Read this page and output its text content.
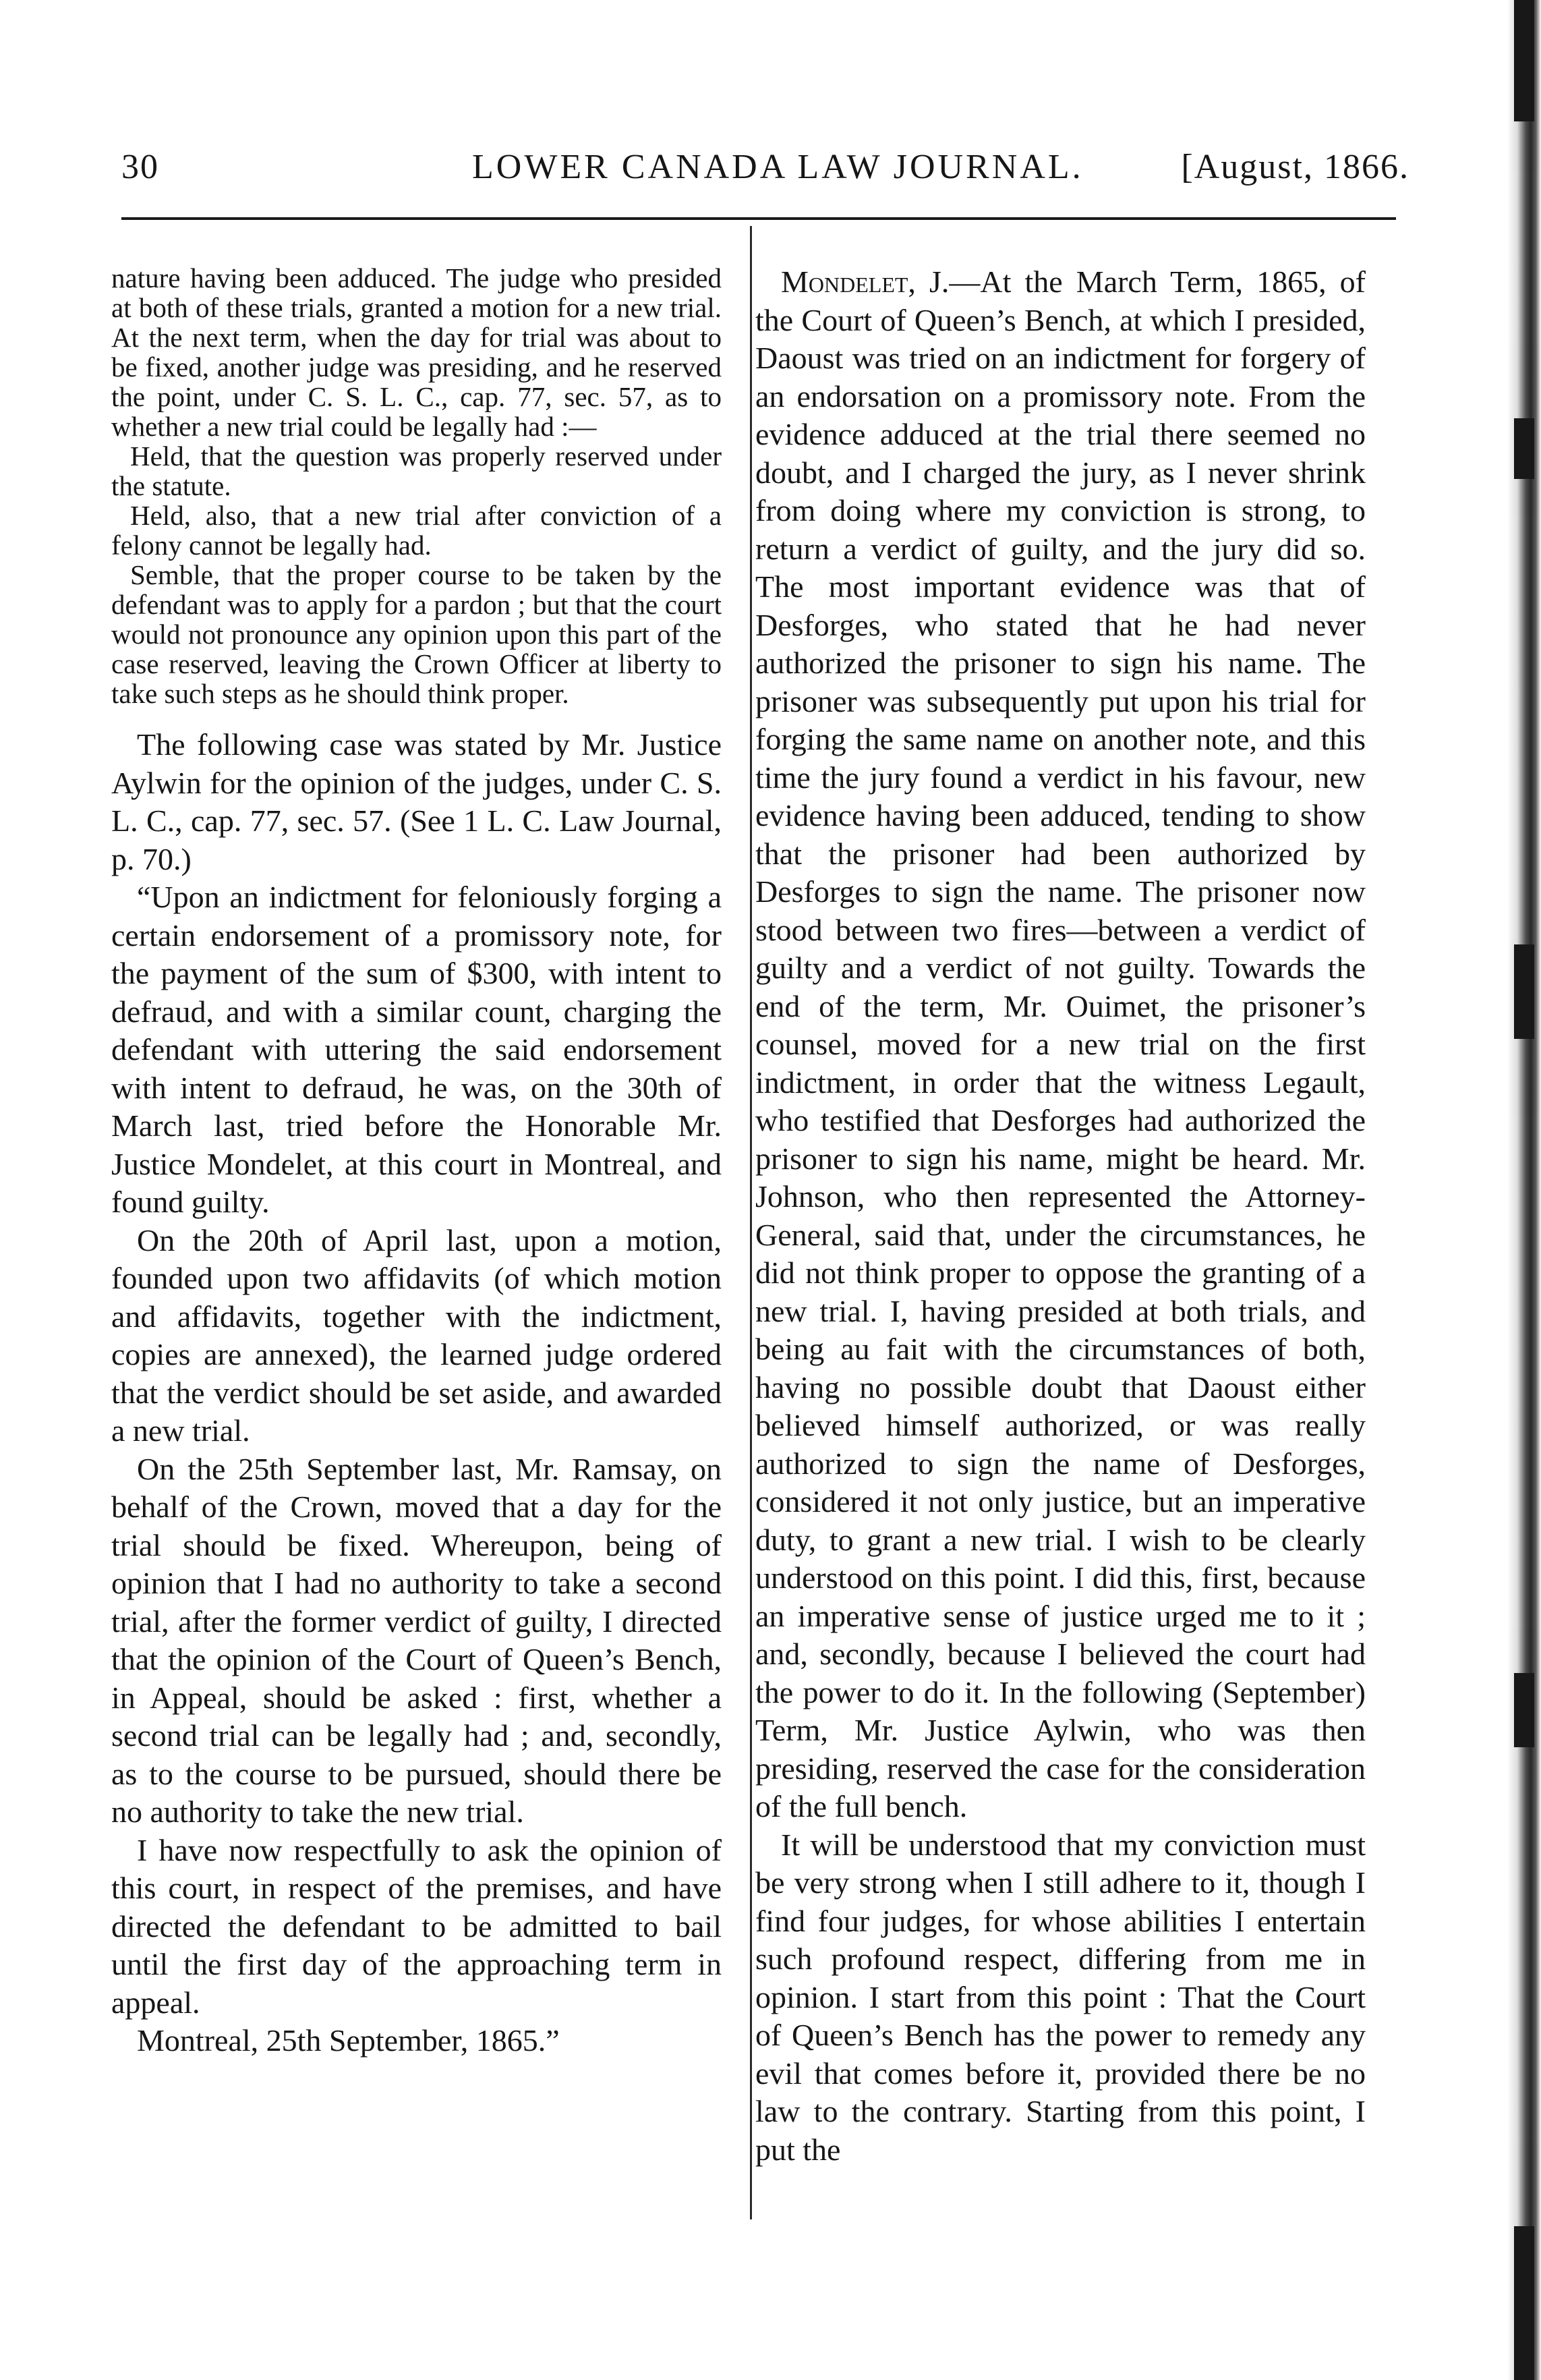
30	LOWER CANADA LAW JOURNAL.	[August, 1866.

nature having been adduced. The judge who presided at both of these trials, granted a motion for a new trial. At the next term, when the day for trial was about to be fixed, another judge was presiding, and he reserved the point, under C. S. L. C., cap. 77, sec. 57, as to whether a new trial could be legally had :—

Held, that the question was properly reserved under the statute.

Held, also, that a new trial after conviction of a felony cannot be legally had.

Semble, that the proper course to be taken by the defendant was to apply for a pardon ; but that the court would not pronounce any opinion upon this part of the case reserved, leaving the Crown Officer at liberty to take such steps as he should think proper.

The following case was stated by Mr. Justice Aylwin for the opinion of the judges, under C. S. L. C., cap. 77, sec. 57. (See 1 L. C. Law Journal, p. 70.)

“Upon an indictment for feloniously forging a certain endorsement of a promissory note, for the payment of the sum of $300, with intent to defraud, and with a similar count, charging the defendant with uttering the said endorsement with intent to defraud, he was, on the 30th of March last, tried before the Honorable Mr. Justice Mondelet, at this court in Montreal, and found guilty.

On the 20th of April last, upon a motion, founded upon two affidavits (of which motion and affidavits, together with the indictment, copies are annexed), the learned judge ordered that the verdict should be set aside, and awarded a new trial.

On the 25th September last, Mr. Ramsay, on behalf of the Crown, moved that a day for the trial should be fixed. Whereupon, being of opinion that I had no authority to take a second trial, after the former verdict of guilty, I directed that the opinion of the Court of Queen’s Bench, in Appeal, should be asked : first, whether a second trial can be legally had ; and, secondly, as to the course to be pursued, should there be no authority to take the new trial.

I have now respectfully to ask the opinion of this court, in respect of the premises, and have directed the defendant to be admitted to bail until the first day of the approaching term in appeal.

Montreal, 25th September, 1865.”

Mondelet, J.—At the March Term, 1865, of the Court of Queen’s Bench, at which I presided, Daoust was tried on an indictment for forgery of an endorsation on a promissory note. From the evidence adduced at the trial there seemed no doubt, and I charged the jury, as I never shrink from doing where my conviction is strong, to return a verdict of guilty, and the jury did so. The most important evidence was that of Desforges, who stated that he had never authorized the prisoner to sign his name. The prisoner was subsequently put upon his trial for forging the same name on another note, and this time the jury found a verdict in his favour, new evidence having been adduced, tending to show that the prisoner had been authorized by Desforges to sign the name. The prisoner now stood between two fires—between a verdict of guilty and a verdict of not guilty. Towards the end of the term, Mr. Ouimet, the prisoner’s counsel, moved for a new trial on the first indictment, in order that the witness Legault, who testified that Desforges had authorized the prisoner to sign his name, might be heard. Mr. Johnson, who then represented the Attorney-General, said that, under the circumstances, he did not think proper to oppose the granting of a new trial. I, having presided at both trials, and being au fait with the circumstances of both, having no possible doubt that Daoust either believed himself authorized, or was really authorized to sign the name of Desforges, considered it not only justice, but an imperative duty, to grant a new trial. I wish to be clearly understood on this point. I did this, first, because an imperative sense of justice urged me to it ; and, secondly, because I believed the court had the power to do it. In the following (September) Term, Mr. Justice Aylwin, who was then presiding, reserved the case for the consideration of the full bench.

It will be understood that my conviction must be very strong when I still adhere to it, though I find four judges, for whose abilities I entertain such profound respect, differing from me in opinion. I start from this point : That the Court of Queen’s Bench has the power to remedy any evil that comes before it, provided there be no law to the contrary. Starting from this point, I put the
